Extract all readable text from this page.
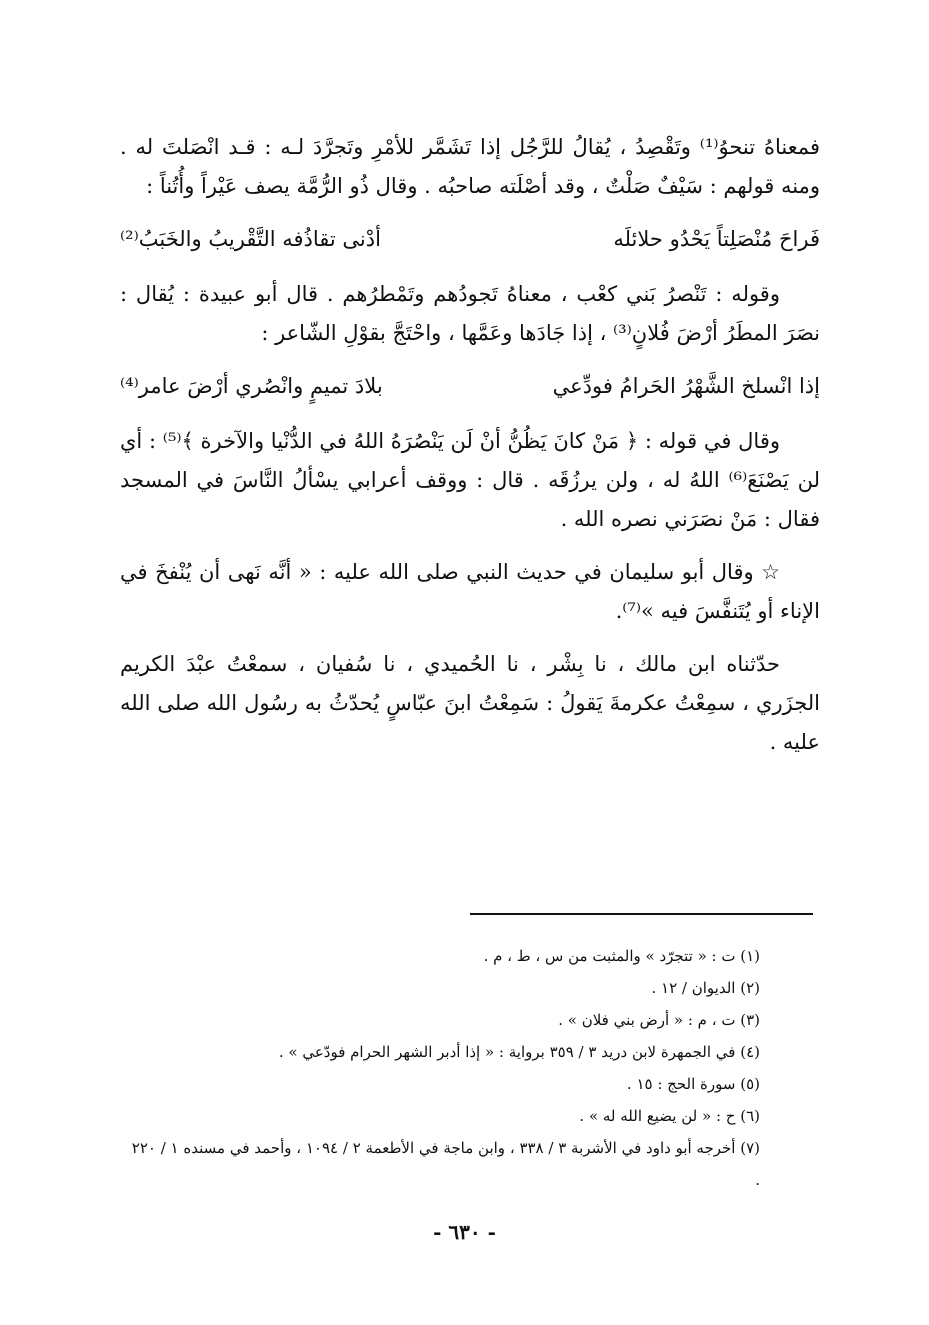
فمعناهُ تنحوُ⁽¹⁾ وتَقْصِدُ ، يُقالُ للرَّجُل إذا تَشَمَّر للأمْرِ وتَجرَّدَ لـه : قـد انْصَلتَ له . ومنه قولهم : سَيْفٌ صَلْتٌ ، وقد أصْلَته صاحبُه . وقال ذُو الرُّمَّة يصف عَيْراً وأُتُناً :

فَراحَ مُنْصَلِتاً يَحْدُو حلائلَه
أدْنى تقاذُفه التَّقْريبُ والخَبَبُ⁽²⁾

وقوله : تَنْصرُ بَني كعْب ، معناهُ تَجودُهم وتَمْطرُهم . قال أبو عبيدة : يُقال : نصَرَ المطَرُ أرْضَ فُلانٍ⁽³⁾ ، إذا جَادَها وعَمَّها ، واحْتَجَّ بقوْلِ الشّاعر :

إذا انْسلخ الشَّهْرُ الحَرامُ فودِّعي
بلادَ تميمٍ وانْصُري أرْضَ عامر⁽⁴⁾

وقال في قوله : ﴿ مَنْ كانَ يَظُنُّ أنْ لَن يَنْصُرَهُ اللهُ في الدُّنْيا والآخرة ﴾⁽⁵⁾ : أي لن يَصْنَعَ⁽⁶⁾ اللهُ له ، ولن يرزُقَه . قال : ووقف أعرابي يسْألُ النَّاسَ في المسجد فقال : مَنْ نصَرَني نصره الله .

☆ وقال أبو سليمان في حديث النبي صلى الله عليه : « أنَّه نَهى أن يُنْفخَ في الإناء أو يُتَنفَّسَ فيه »⁽⁷⁾.

حدّثناه ابن مالك ، نا بِشْر ، نا الحُميدي ، نا سُفيان ، سمعْتُ عبْدَ الكريم الجزَري ، سمِعْتُ عكرمةَ يَقولُ : سَمِعْتُ ابنَ عبّاسٍ يُحدّثُ به رسُول الله صلى الله عليه .

(١) ت : « تتجرّد » والمثبت من س ، ط ، م .

(٢) الديوان / ١٢ .

(٣) ت ، م : « أرض بني فلان » .

(٤) في الجمهرة لابن دريد ٣ / ٣٥٩ برواية : « إذا أدبر الشهر الحرام فودّعي » .

(٥) سورة الحج : ١٥ .

(٦) ح : « لن يضيع الله له » .

(٧) أخرجه أبو داود في الأشربة ٣ / ٣٣٨ ، وابن ماجة في الأطعمة ٢ / ١٠٩٤ ، وأحمد في مسنده ١ / ٢٢٠ .

- ٦٣٠ -
